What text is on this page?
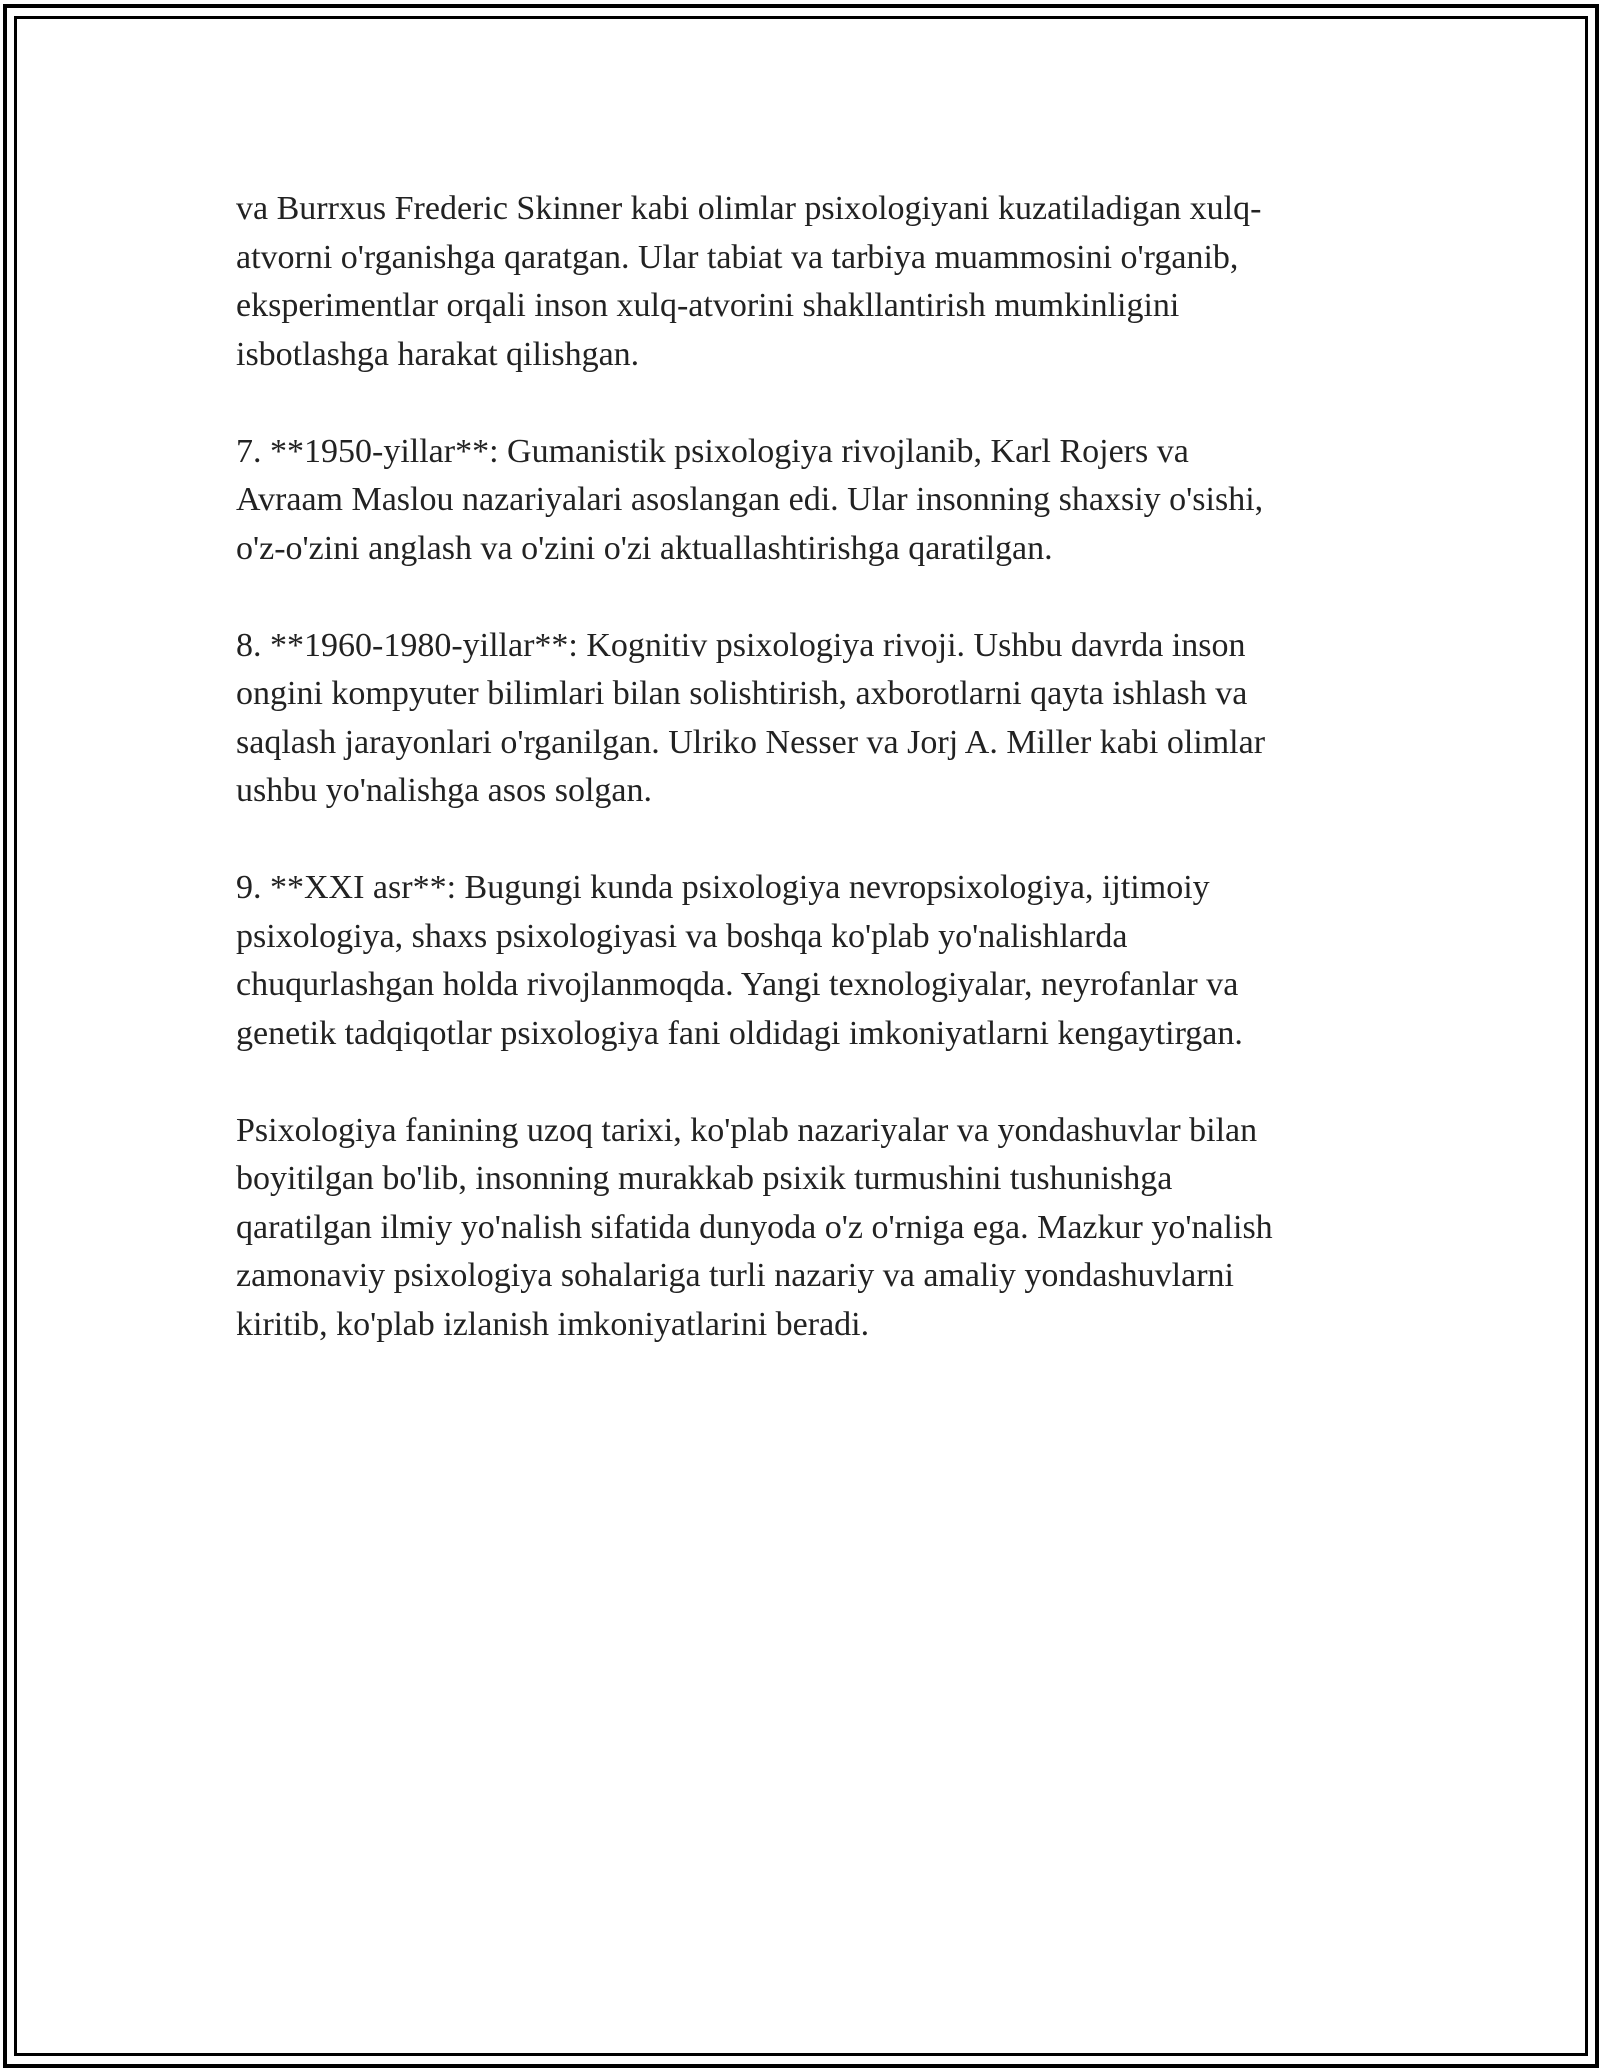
va Burrxus Frederic Skinner kabi olimlar psixologiyani kuzatiladigan xulq-
atvorni o'rganishga qaratgan. Ular tabiat va tarbiya muammosini o'rganib,
eksperimentlar orqali inson xulq-atvorini shakllantirish mumkinligini
isbotlashga harakat qilishgan.

7. **1950-yillar**: Gumanistik psixologiya rivojlanib, Karl Rojers va
Avraam Maslou nazariyalari asoslangan edi. Ular insonning shaxsiy o'sishi,
o'z-o'zini anglash va o'zini o'zi aktuallashtirishga qaratilgan.

8. **1960-1980-yillar**: Kognitiv psixologiya rivoji. Ushbu davrda inson
ongini kompyuter bilimlari bilan solishtirish, axborotlarni qayta ishlash va
saqlash jarayonlari o'rganilgan. Ulriko Nesser va Jorj A. Miller kabi olimlar
ushbu yo'nalishga asos solgan.

9. **XXI asr**: Bugungi kunda psixologiya nevropsixologiya, ijtimoiy
psixologiya, shaxs psixologiyasi va boshqa ko'plab yo'nalishlarda
chuqurlashgan holda rivojlanmoqda. Yangi texnologiyalar, neyrofanlar va
genetik tadqiqotlar psixologiya fani oldidagi imkoniyatlarni kengaytirgan.

Psixologiya fanining uzoq tarixi, ko'plab nazariyalar va yondashuvlar bilan
boyitilgan bo'lib, insonning murakkab psixik turmushini tushunishga
qaratilgan ilmiy yo'nalish sifatida dunyoda o'z o'rniga ega. Mazkur yo'nalish
zamonaviy psixologiya sohalariga turli nazariy va amaliy yondashuvlarni
kiritib, ko'plab izlanish imkoniyatlarini beradi.
